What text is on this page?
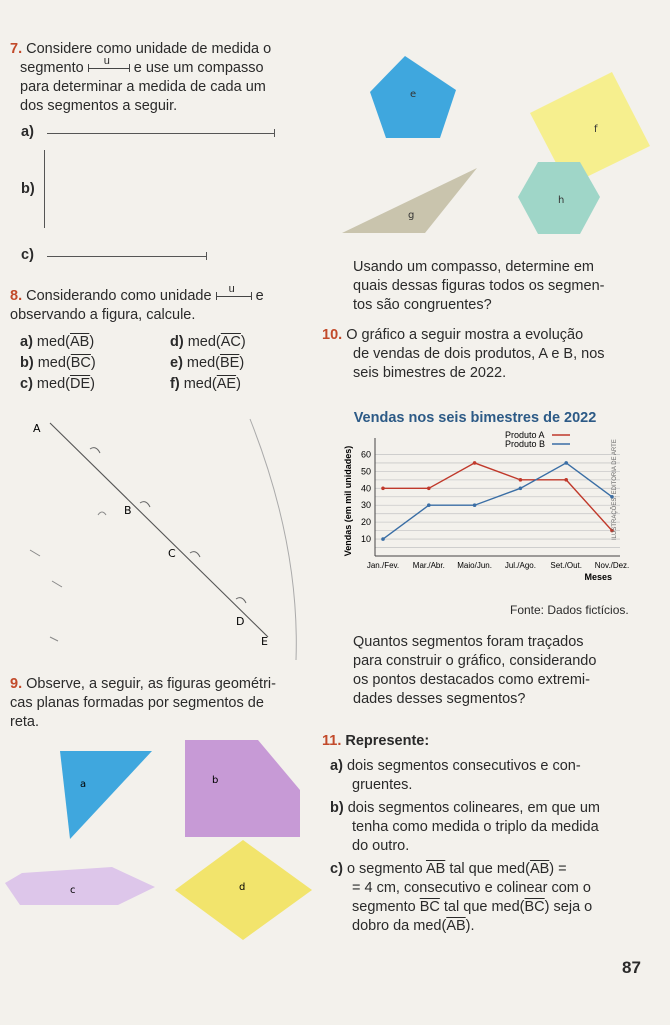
7. Considere como unidade de medida o
segmento u e use um compasso
para determinar a medida de cada um
dos segmentos a seguir.
a)
b)
c)
e
f
g
h
Usando um compasso, determine em
quais dessas figuras todos os segmen-
tos são congruentes?
8. Considerando como unidade u e
observando a figura, calcule.
a) $med(\overline{AB})$
b) $med(\overline{BC})$
c) $med(\overline{DE})$
d) $med(\overline{AC})$
e) $med(\overline{BE})$
f) $med(\overline{AE})$
A
B
C
D
E
10. O gráfico a seguir mostra a evolução
de vendas de dois produtos, A e B, nos
seis bimestres de 2022.
Vendas nos seis bimestres de 2022
10
20
30
40
50
60
Jan./Fev. Mar./Abr. Maio/Jun. Jul./Ago. Set./Out. Nov./Dez.
Meses
Vendas (em mil unidades)
Produto A
Produto B
Fonte: Dados fictícios.
ILUSTRAÇÕES: EDITORIA DE ARTE
Quantos segmentos foram traçados
para construir o gráfico, considerando
os pontos destacados como extremi-
dades desses segmentos?
9. Observe, a seguir, as figuras geométri-
cas planas formadas por segmentos de
reta.
a	b
c	d
11. Represente:
a) dois segmentos consecutivos e con-
gruentes.
b) dois segmentos colineares, em que um
tenha como medida o triplo da medida
do outro.
c) o segmento $\overline{AB}$ tal que $med(\overline{AB})$ =
= 4 cm, consecutivo e colinear com o
segmento $\overline{BC}$ tal que $med(\overline{BC})$ seja o
dobro da $med(\overline{AB})$.
87
